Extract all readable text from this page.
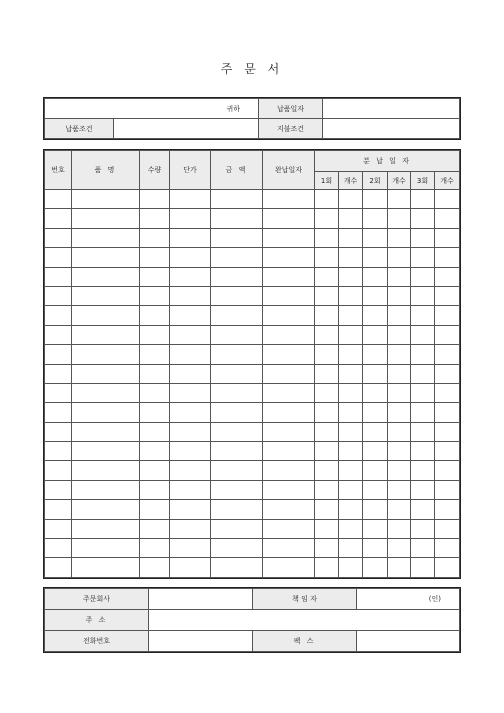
주 문 서
귀하		납품일자	
납품조건		지불조건	
번호	품 명	수량	단가	금 액	완납일자	분 납 일 자					
						1회	개수	2회	개수	3회	개수

주문회사		책 임 자	(인)
주 소			
전화번호		팩 스	
